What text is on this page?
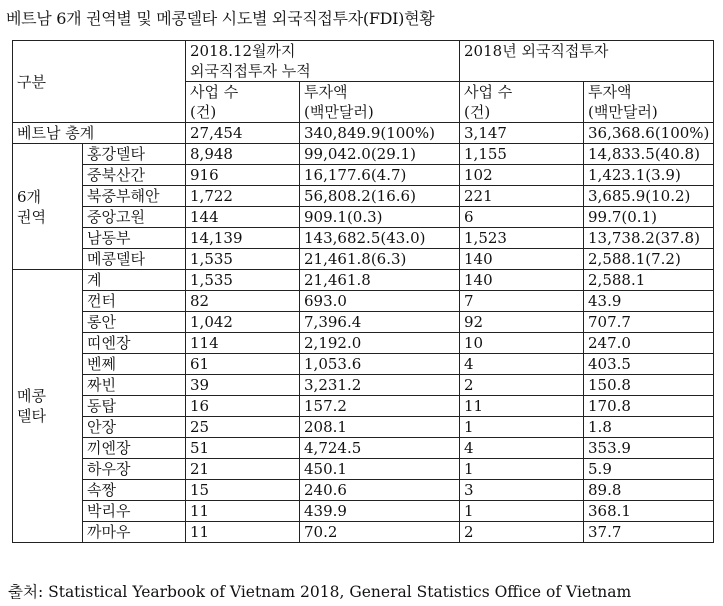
베트남 6개 권역별 및 메콩델타 시도별 외국직접투자(FDI)현황
구분		2018.12월까지		2018년 외국직접투자	
		외국직접투자 누적			
		사업 수	투자액	사업 수	투자액
		(건)	(백만달러)	(건)	(백만달러)
베트남 총계		27,454	340,849.9(100%)	3,147	36,368.6(100%)

6개
권역	홍강델타	8,948	99,042.0(29.1)	1,155	14,833.5(40.8)
	중북산간	916	16,177.6(4.7)	102	1,423.1(3.9)
	북중부해안	1,722	56,808.2(16.6)	221	3,685.9(10.2)
	중앙고원	144	909.1(0.3)	6	99.7(0.1)
	남동부	14,139	143,682.5(43.0)	1,523	13,738.2(37.8)
	메콩델타	1,535	21,461.8(6.3)	140	2,588.1(7.2)

메콩
델타	계	1,535	21,461.8	140	2,588.1
	껀터	82	693.0	7	43.9
	롱안	1,042	7,396.4	92	707.7
	띠엔장	114	2,192.0	10	247.0
	벤쩨	61	1,053.6	4	403.5
	짜빈	39	3,231.2	2	150.8
	동탑	16	157.2	11	170.8
	안장	25	208.1	1	1.8
	끼엔장	51	4,724.5	4	353.9
	하우장	21	450.1	1	5.9
	속짱	15	240.6	3	89.8
	박리우	11	439.9	1	368.1
	까마우	11	70.2	2	37.7
출처: Statistical Yearbook of Vietnam 2018, General Statistics Office of Vietnam
